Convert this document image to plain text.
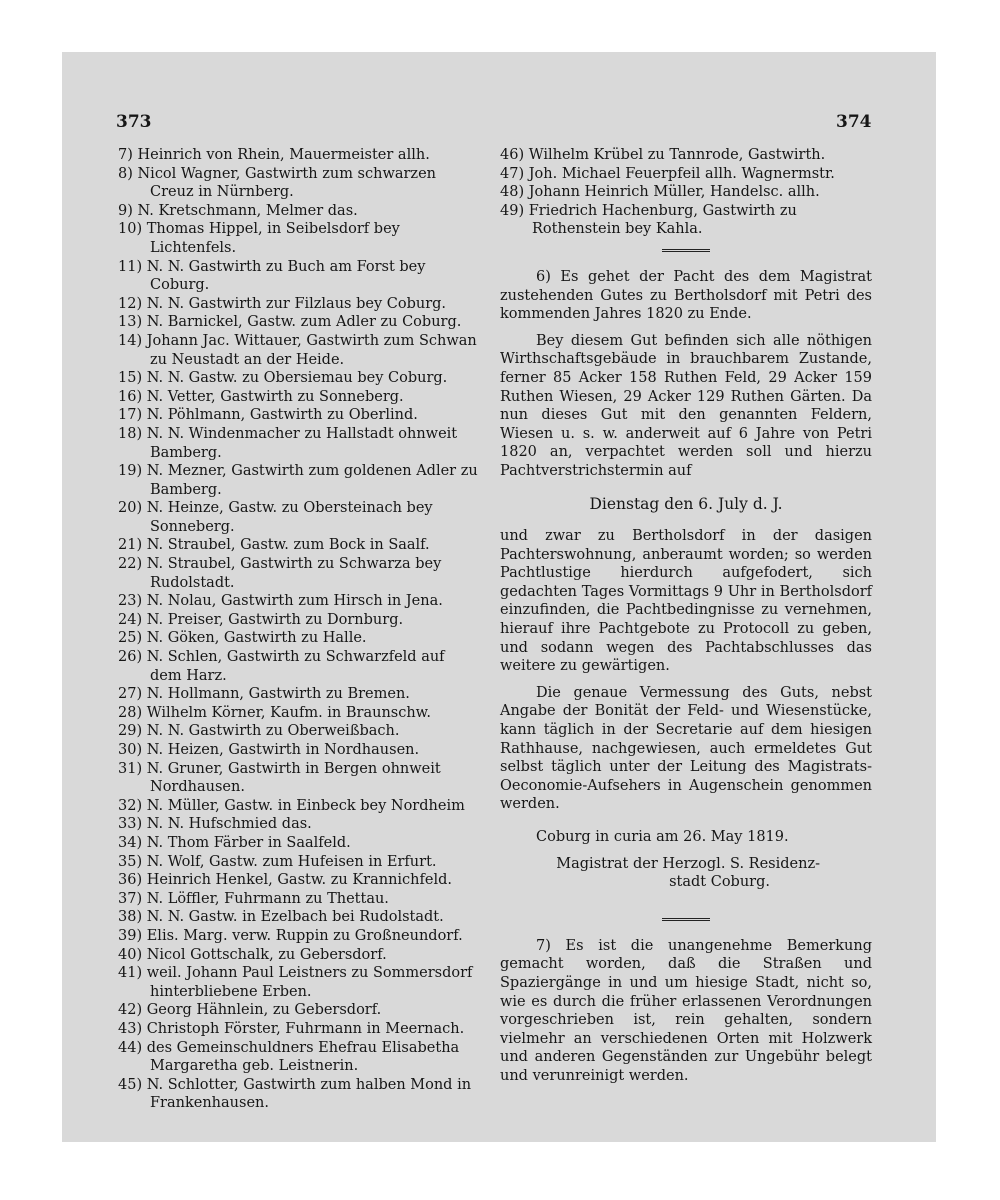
373	374
7) Heinrich von Rhein, Mauermeister allh.
8) Nicol Wagner, Gastwirth zum schwarzen Creuz in Nürnberg.
9) N. Kretschmann, Melmer das.
10) Thomas Hippel, in Seibelsdorf bey Lichtenfels.
11) N. N. Gastwirth zu Buch am Forst bey Coburg.
12) N. N. Gastwirth zur Filzlaus bey Coburg.
13) N. Barnickel, Gastw. zum Adler zu Coburg.
14) Johann Jac. Wittauer, Gastwirth zum Schwan zu Neustadt an der Heide.
15) N. N. Gastw. zu Obersiemau bey Coburg.
16) N. Vetter, Gastwirth zu Sonneberg.
17) N. Pöhlmann, Gastwirth zu Oberlind.
18) N. N. Windenmacher zu Hallstadt ohnweit Bamberg.
19) N. Mezner, Gastwirth zum goldenen Adler zu Bamberg.
20) N. Heinze, Gastw. zu Obersteinach bey Sonneberg.
21) N. Straubel, Gastw. zum Bock in Saalf.
22) N. Straubel, Gastwirth zu Schwarza bey Rudolstadt.
23) N. Nolau, Gastwirth zum Hirsch in Jena.
24) N. Preiser, Gastwirth zu Dornburg.
25) N. Göken, Gastwirth zu Halle.
26) N. Schlen, Gastwirth zu Schwarzfeld auf dem Harz.
27) N. Hollmann, Gastwirth zu Bremen.
28) Wilhelm Körner, Kaufm. in Braunschw.
29) N. N. Gastwirth zu Oberweißbach.
30) N. Heizen, Gastwirth in Nordhausen.
31) N. Gruner, Gastwirth in Bergen ohnweit Nordhausen.
32) N. Müller, Gastw. in Einbeck bey Nordheim
33) N. N. Hufschmied das.
34) N. Thom Färber in Saalfeld.
35) N. Wolf, Gastw. zum Hufeisen in Erfurt.
36) Heinrich Henkel, Gastw. zu Krannichfeld.
37) N. Löffler, Fuhrmann zu Thettau.
38) N. N. Gastw. in Ezelbach bei Rudolstadt.
39) Elis. Marg. verw. Ruppin zu Großneundorf.
40) Nicol Gottschalk, zu Gebersdorf.
41) weil. Johann Paul Leistners zu Sommersdorf hinterbliebene Erben.
42) Georg Hähnlein, zu Gebersdorf.
43) Christoph Förster, Fuhrmann in Meernach.
44) des Gemeinschuldners Ehefrau Elisabetha Margaretha geb. Leistnerin.
45) N. Schlotter, Gastwirth zum halben Mond in Frankenhausen.
46) Wilhelm Krübel zu Tannrode, Gastwirth.
47) Joh. Michael Feuerpfeil allh. Wagnermstr.
48) Johann Heinrich Müller, Handelsc. allh.
49) Friedrich Hachenburg, Gastwirth zu Rothenstein bey Kahla.

6) Es gehet der Pacht des dem Magistrat zustehenden Gutes zu Bertholsdorf mit Petri des kommenden Jahres 1820 zu Ende.

Bey diesem Gut befinden sich alle nöthigen Wirthschaftsgebäude in brauchbarem Zustande, ferner 85 Acker 158 Ruthen Feld, 29 Acker 159 Ruthen Wiesen, 29 Acker 129 Ruthen Gärten. Da nun dieses Gut mit den genannten Feldern, Wiesen u. s. w. anderweit auf 6 Jahre von Petri 1820 an, verpachtet werden soll und hierzu Pachtverstrichstermin auf

Dienstag den 6. July d. J.

und zwar zu Bertholsdorf in der dasigen Pachterswohnung, anberaumt worden; so werden Pachtlustige hierdurch aufgefodert, sich gedachten Tages Vormittags 9 Uhr in Bertholsdorf einzufinden, die Pachtbedingnisse zu vernehmen, hierauf ihre Pachtgebote zu Protocoll zu geben, und sodann wegen des Pachtabschlusses das weitere zu gewärtigen.

Die genaue Vermessung des Guts, nebst Angabe der Bonität der Feld- und Wiesenstücke, kann täglich in der Secretarie auf dem hiesigen Rathhause, nachgewiesen, auch ermeldetes Gut selbst täglich unter der Leitung des Magistrats-Oeconomie-Aufsehers in Augenschein genommen werden.

Coburg in curia am 26. May 1819.
Magistrat der Herzogl. S. Residenz-
stadt Coburg.

7) Es ist die unangenehme Bemerkung gemacht worden, daß die Straßen und Spaziergänge in und um hiesige Stadt, nicht so, wie es durch die früher erlassenen Verordnungen vorgeschrieben ist, rein gehalten, sondern vielmehr an verschiedenen Orten mit Holzwerk und anderen Gegenständen zur Ungebühr belegt und verunreinigt werden.
